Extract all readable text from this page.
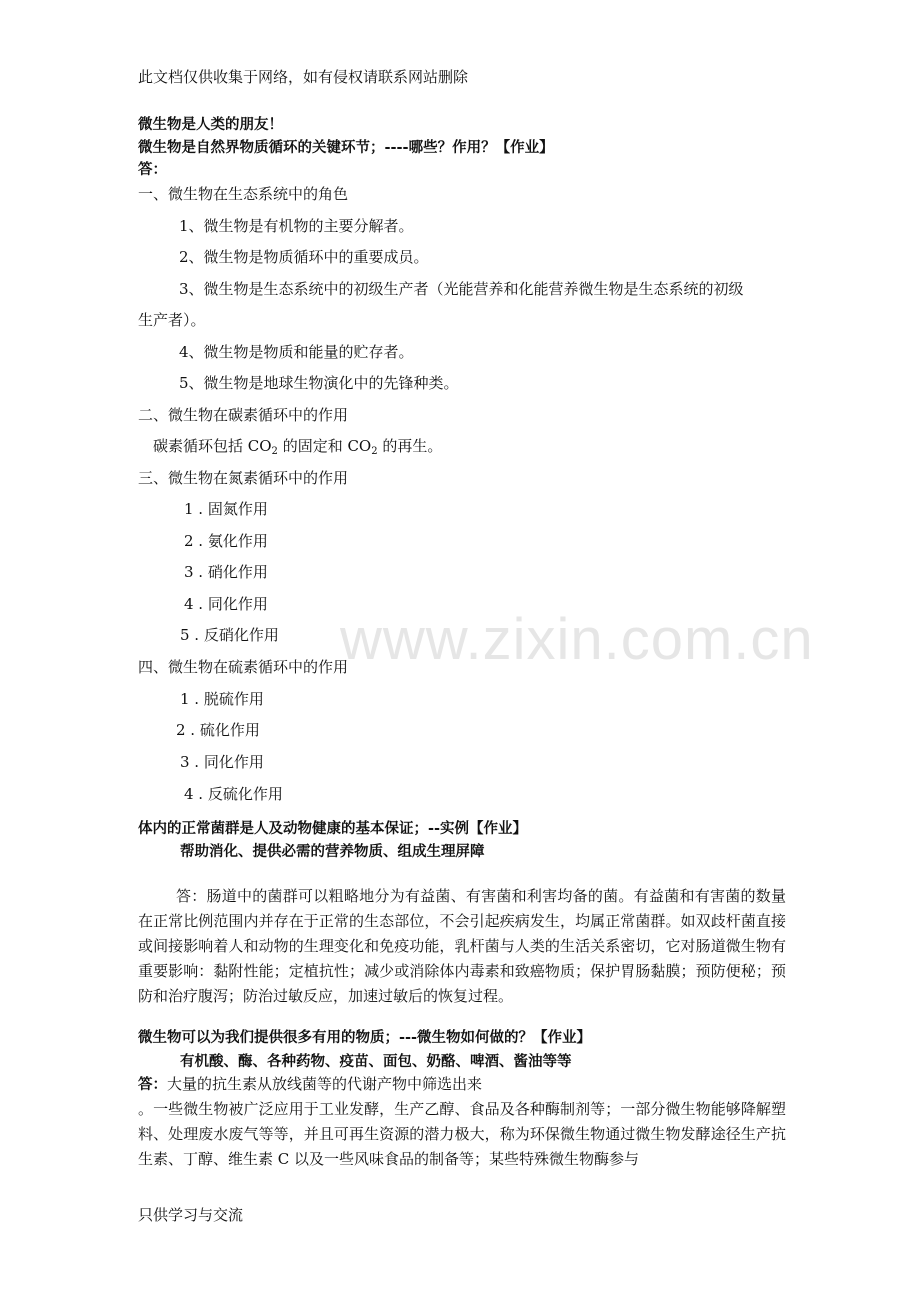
www.zixin.com.cn
此文档仅供收集于网络，如有侵权请联系网站删除
微生物是人类的朋友！
微生物是自然界物质循环的关键环节；----哪些？作用？【作业】
答：
一、微生物在生态系统中的角色
1、微生物是有机物的主要分解者。
2、微生物是物质循环中的重要成员。
3、微生物是生态系统中的初级生产者（光能营养和化能营养微生物是生态系统的初级
生产者）。
4、微生物是物质和能量的贮存者。
5、微生物是地球生物演化中的先锋种类。
二、微生物在碳素循环中的作用
碳素循环包括 $CO_2$ 的固定和 $CO_2$ 的再生。
三、微生物在氮素循环中的作用
1 . 固氮作用
2 . 氨化作用
3 . 硝化作用
4 . 同化作用
5 . 反硝化作用
四、微生物在硫素循环中的作用
1 . 脱硫作用
2 . 硫化作用
3 . 同化作用
4 . 反硫化作用
体内的正常菌群是人及动物健康的基本保证；--实例【作业】
帮助消化、提供必需的营养物质、组成生理屏障
答：肠道中的菌群可以粗略地分为有益菌、有害菌和利害均备的菌。有益菌和有害菌的数量在正常比例范围内并存在于正常的生态部位，不会引起疾病发生，均属正常菌群。如双歧杆菌直接或间接影响着人和动物的生理变化和免疫功能，乳杆菌与人类的生活关系密切，它对肠道微生物有重要影响：黏附性能；定植抗性；减少或消除体内毒素和致癌物质；保护胃肠黏膜；预防便秘；预防和治疗腹泻；防治过敏反应，加速过敏后的恢复过程。
微生物可以为我们提供很多有用的物质；---微生物如何做的？【作业】
有机酸、酶、各种药物、疫苗、面包、奶酪、啤酒、酱油等等
答：大量的抗生素从放线菌等的代谢产物中筛选出来
。一些微生物被广泛应用于工业发酵，生产乙醇、食品及各种酶制剂等；一部分微生物能够降解塑料、处理废水废气等等，并且可再生资源的潜力极大，称为环保微生物通过微生物发酵途径生产抗生素、丁醇、维生素 C 以及一些风味食品的制备等；某些特殊微生物酶参与
只供学习与交流
